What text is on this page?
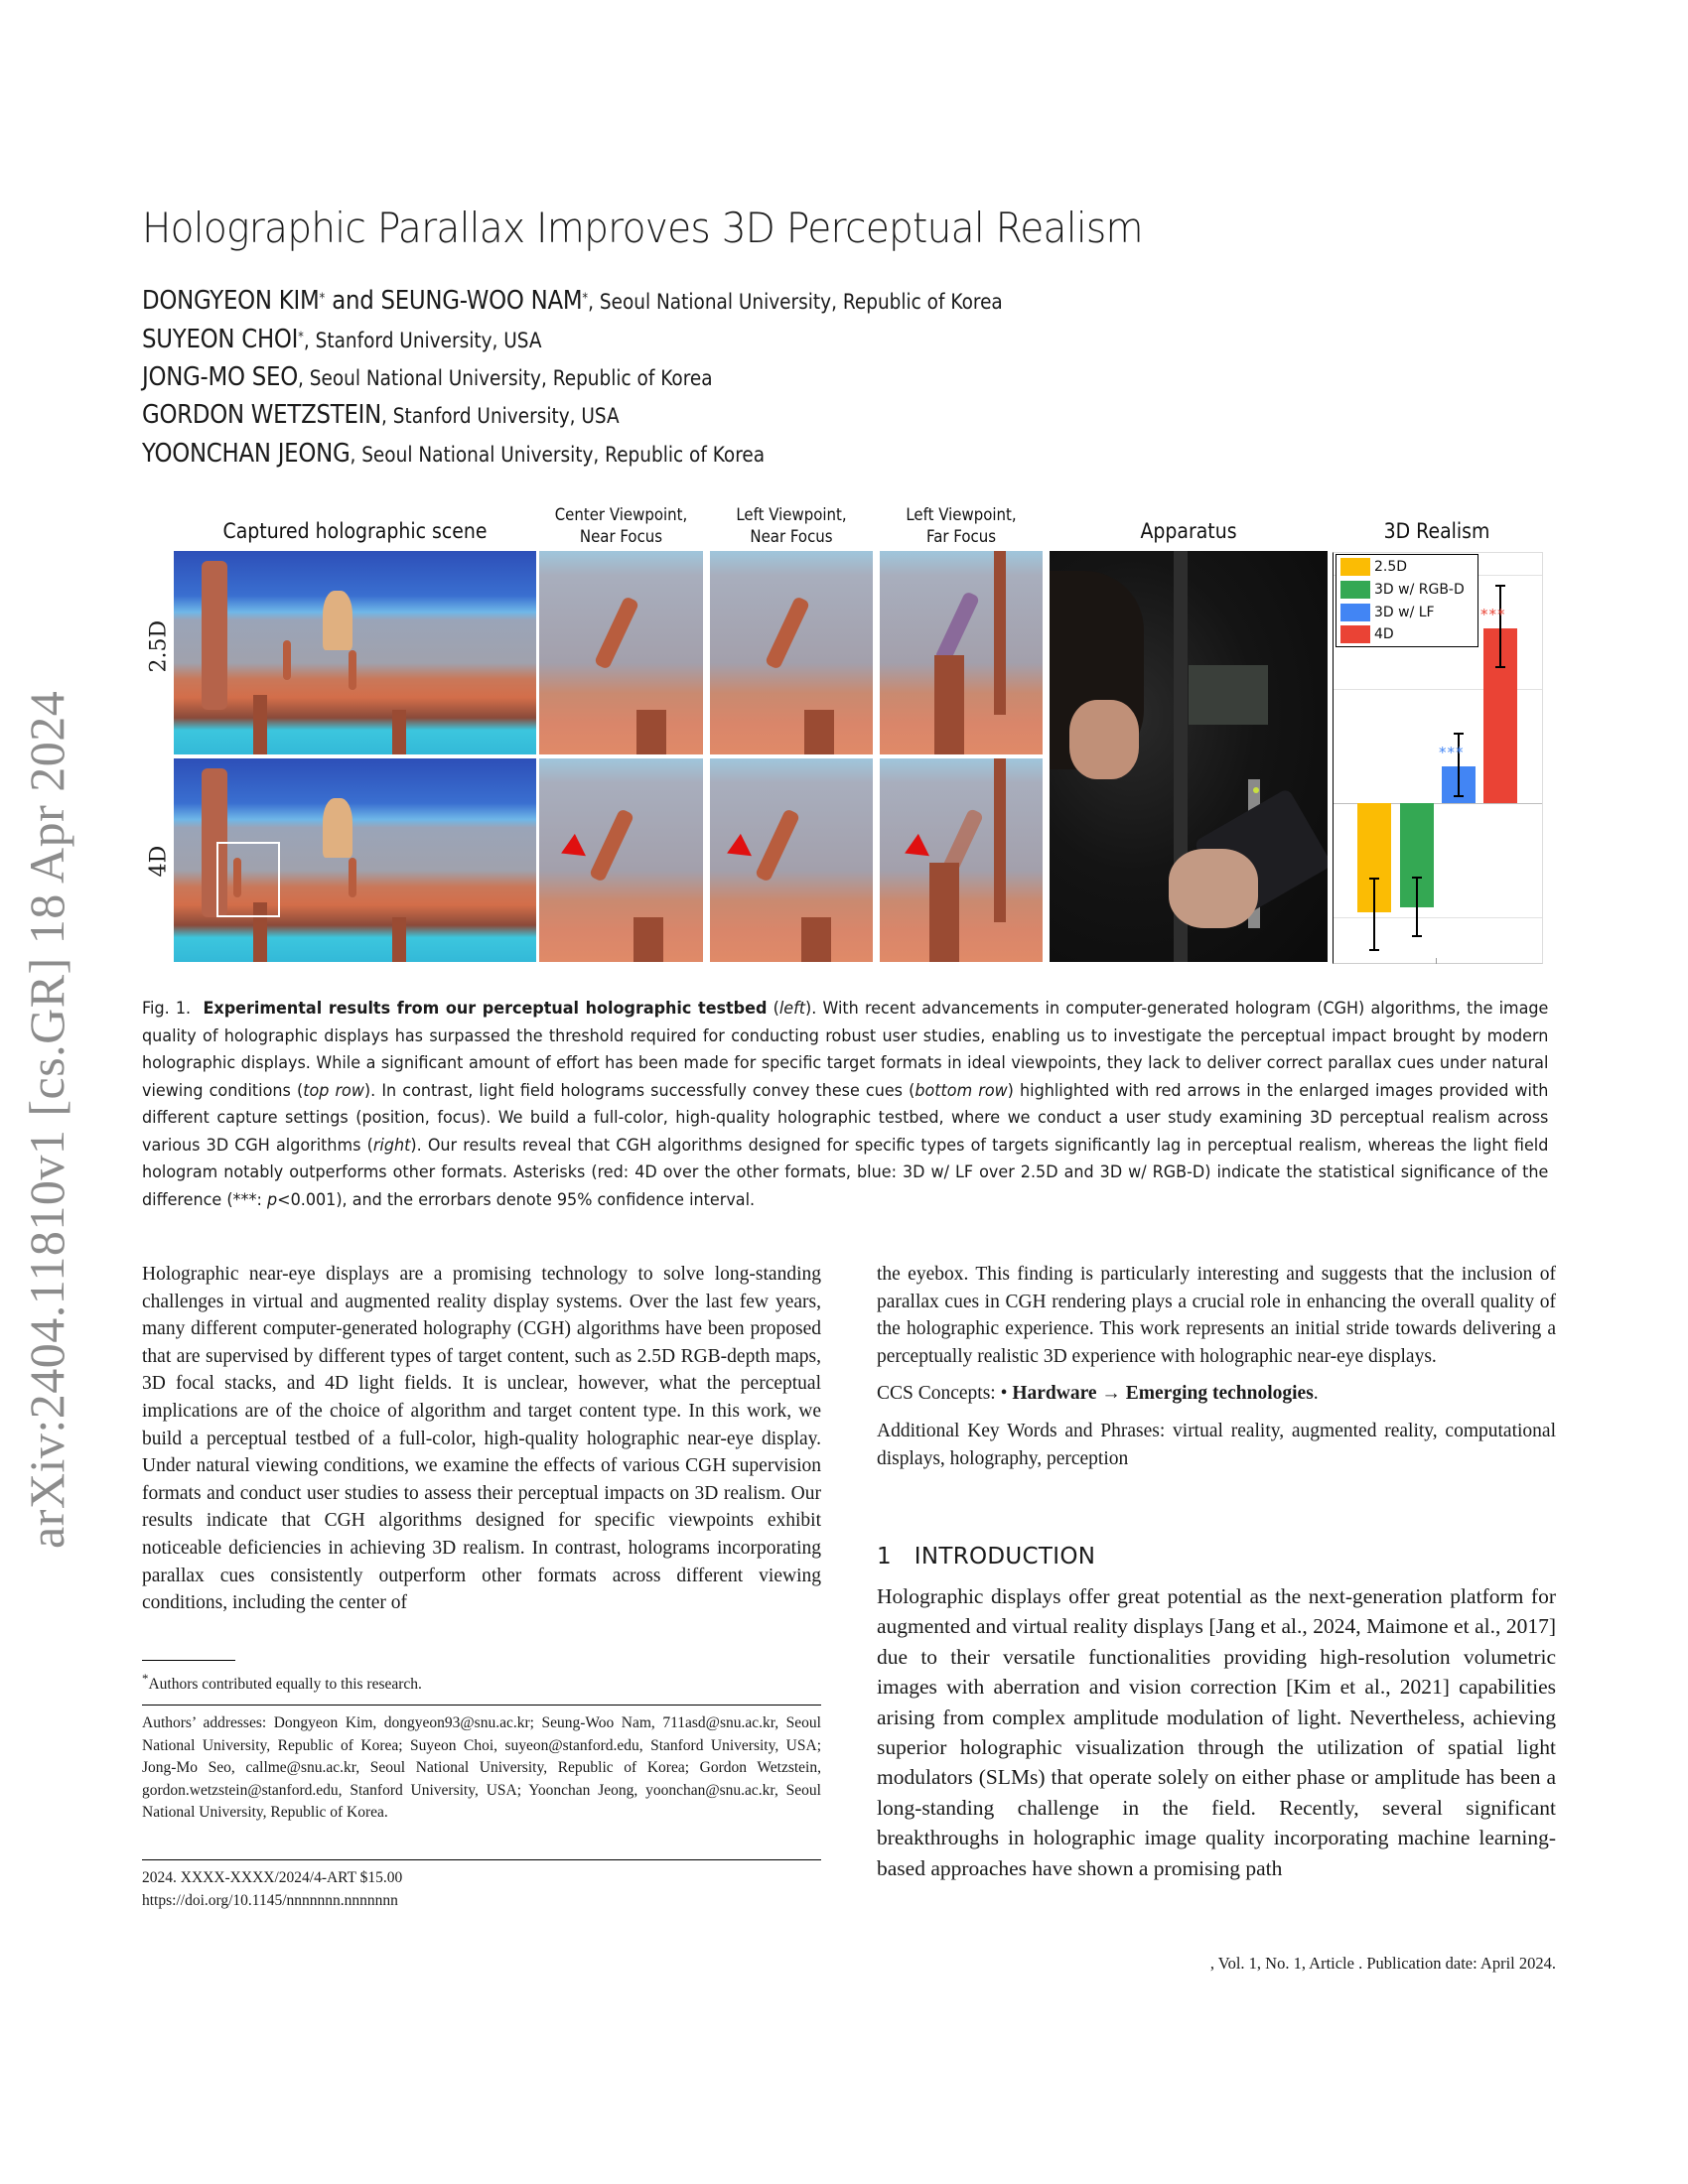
arXiv:2404.11810v1 [cs.GR] 18 Apr 2024
Holographic Parallax Improves 3D Perceptual Realism
DONGYEON KIM* and SEUNG-WOO NAM*, Seoul National University, Republic of Korea
SUYEON CHOI*, Stanford University, USA
JONG-MO SEO, Seoul National University, Republic of Korea
GORDON WETZSTEIN, Stanford University, USA
YOONCHAN JEONG, Seoul National University, Republic of Korea
Captured holographic scene
Center Viewpoint,
Near Focus
Left Viewpoint,
Near Focus
Left Viewpoint,
Far Focus	Apparatus	3D Realism
2.5D
4D
***
***
2.5D
3D w/ RGB-D
3D w/ LF
4D
Fig. 1. Experimental results from our perceptual holographic testbed (left). With recent advancements in computer-generated hologram (CGH) algorithms, the image quality of holographic displays has surpassed the threshold required for conducting robust user studies, enabling us to investigate the perceptual impact brought by modern holographic displays. While a significant amount of effort has been made for specific target formats in ideal viewpoints, they lack to deliver correct parallax cues under natural viewing conditions (top row). In contrast, light field holograms successfully convey these cues (bottom row) highlighted with red arrows in the enlarged images provided with different capture settings (position, focus). We build a full-color, high-quality holographic testbed, where we conduct a user study examining 3D perceptual realism across various 3D CGH algorithms (right). Our results reveal that CGH algorithms designed for specific types of targets significantly lag in perceptual realism, whereas the light field hologram notably outperforms other formats. Asterisks (red: 4D over the other formats, blue: 3D w/ LF over 2.5D and 3D w/ RGB-D) indicate the statistical significance of the difference (***: p<0.001), and the errorbars denote 95% confidence interval.

Holographic near-eye displays are a promising technology to solve long-standing challenges in virtual and augmented reality display systems. Over the last few years, many different computer-generated holography (CGH) algorithms have been proposed that are supervised by different types of target content, such as 2.5D RGB-depth maps, 3D focal stacks, and 4D light fields. It is unclear, however, what the perceptual implications are of the choice of algorithm and target content type. In this work, we build a perceptual testbed of a full-color, high-quality holographic near-eye display. Under natural viewing conditions, we examine the effects of various CGH supervision formats and conduct user studies to assess their perceptual impacts on 3D realism. Our results indicate that CGH algorithms designed for specific viewpoints exhibit noticeable deficiencies in achieving 3D realism. In contrast, holograms incorporating parallax cues consistently outperform other formats across different viewing conditions, including the center of

*Authors contributed equally to this research.

Authors’ addresses: Dongyeon Kim, dongyeon93@snu.ac.kr; Seung-Woo Nam, 711asd@snu.ac.kr, Seoul National University, Republic of Korea; Suyeon Choi, suyeon@stanford.edu, Stanford University, USA; Jong-Mo Seo, callme@snu.ac.kr, Seoul National University, Republic of Korea; Gordon Wetzstein, gordon.wetzstein@stanford.edu, Stanford University, USA; Yoonchan Jeong, yoonchan@snu.ac.kr, Seoul National University, Republic of Korea.

2024. XXXX-XXXX/2024/4-ART $15.00
https://doi.org/10.1145/nnnnnnn.nnnnnnn

the eyebox. This finding is particularly interesting and suggests that the inclusion of parallax cues in CGH rendering plays a crucial role in enhancing the overall quality of the holographic experience. This work represents an initial stride towards delivering a perceptually realistic 3D experience with holographic near-eye displays.

CCS Concepts: • Hardware → Emerging technologies.

Additional Key Words and Phrases: virtual reality, augmented reality, computational displays, holography, perception

1 INTRODUCTION

Holographic displays offer great potential as the next-generation platform for augmented and virtual reality displays [Jang et al., 2024, Maimone et al., 2017] due to their versatile functionalities providing high-resolution volumetric images with aberration and vision correction [Kim et al., 2021] capabilities arising from complex amplitude modulation of light. Nevertheless, achieving superior holographic visualization through the utilization of spatial light modulators (SLMs) that operate solely on either phase or amplitude has been a long-standing challenge in the field. Recently, several significant breakthroughs in holographic image quality incorporating machine learning-based approaches have shown a promising path

, Vol. 1, No. 1, Article . Publication date: April 2024.
